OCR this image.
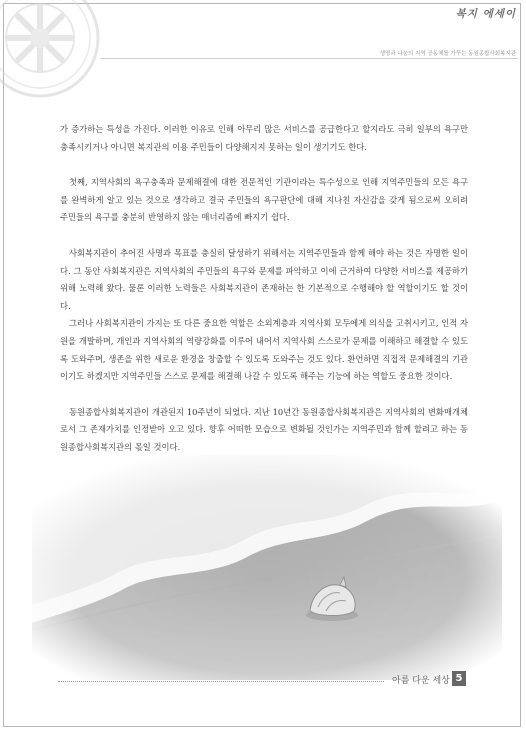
복지 에세이
생명과 나눔의 지역 공동체를 가꾸는 동원종합사회복지관

가 증가하는 특성을 가진다. 이러한 이유로 인해 아무리 많은 서비스를 공급한다고 할지라도 극히 일부의 욕구만 충족시키거나 아니면 복지관의 이용 주민들이 다양해지지 못하는 일이 생기기도 한다.

첫째, 지역사회의 욕구충족과 문제해결에 대한 전문적인 기관이라는 특수성으로 인해 지역주민들의 모든 욕구를 완벽하게 알고 있는 것으로 생각하고 결국 주민들의 욕구판단에 대해 지나친 자신감을 갖게 됨으로써 오히려 주민들의 욕구를 충분히 반영하지 않는 매너리즘에 빠지기 쉽다.

사회복지관이 추어진 사명과 목표를 충실히 달성하기 위해서는 지역주민들과 함께 해야 하는 것은 자명한 일이다. 그 동안 사회복지관은 지역사회의 주민들의 욕구와 문제를 파악하고 이에 근거하여 다양한 서비스를 제공하기 위해 노력해 왔다. 물론 이러한 노력들은 사회복지관이 존재하는 한 기본적으로 수행해야 할 역할이기도 할 것이다.

그러나 사회복지관이 가지는 또 다른 중요한 역할은 소외계층과 지역사회 모두에게 의식을 고취시키고, 인적 자원을 개발하며, 개인과 지역사회의 역량강화를 이루어 내어서 지역사회 스스로가 문제를 이해하고 해결할 수 있도록 도와주며, 생존을 위한 새로운 환경을 창출할 수 있도록 도와주는 것도 있다. 환언하면 직접적 문제해결의 기관이기도 하겠지만 지역주민들 스스로 문제를 해결해 나갈 수 있도록 해주는 기능에 하는 역할도 중요한 것이다.

동원종합사회복지관이 개관된지 10주년이 되었다. 지난 10년간 동원종합사회복지관은 지역사회의 변화매개체로서 그 존재가치를 인정받아 오고 있다. 향후 어떠한 모습으로 변화될 것인가는 지역주민과 함께 할려고 하는 동원종합사회복지관의 몫일 것이다.

아름 다운 세상 5
